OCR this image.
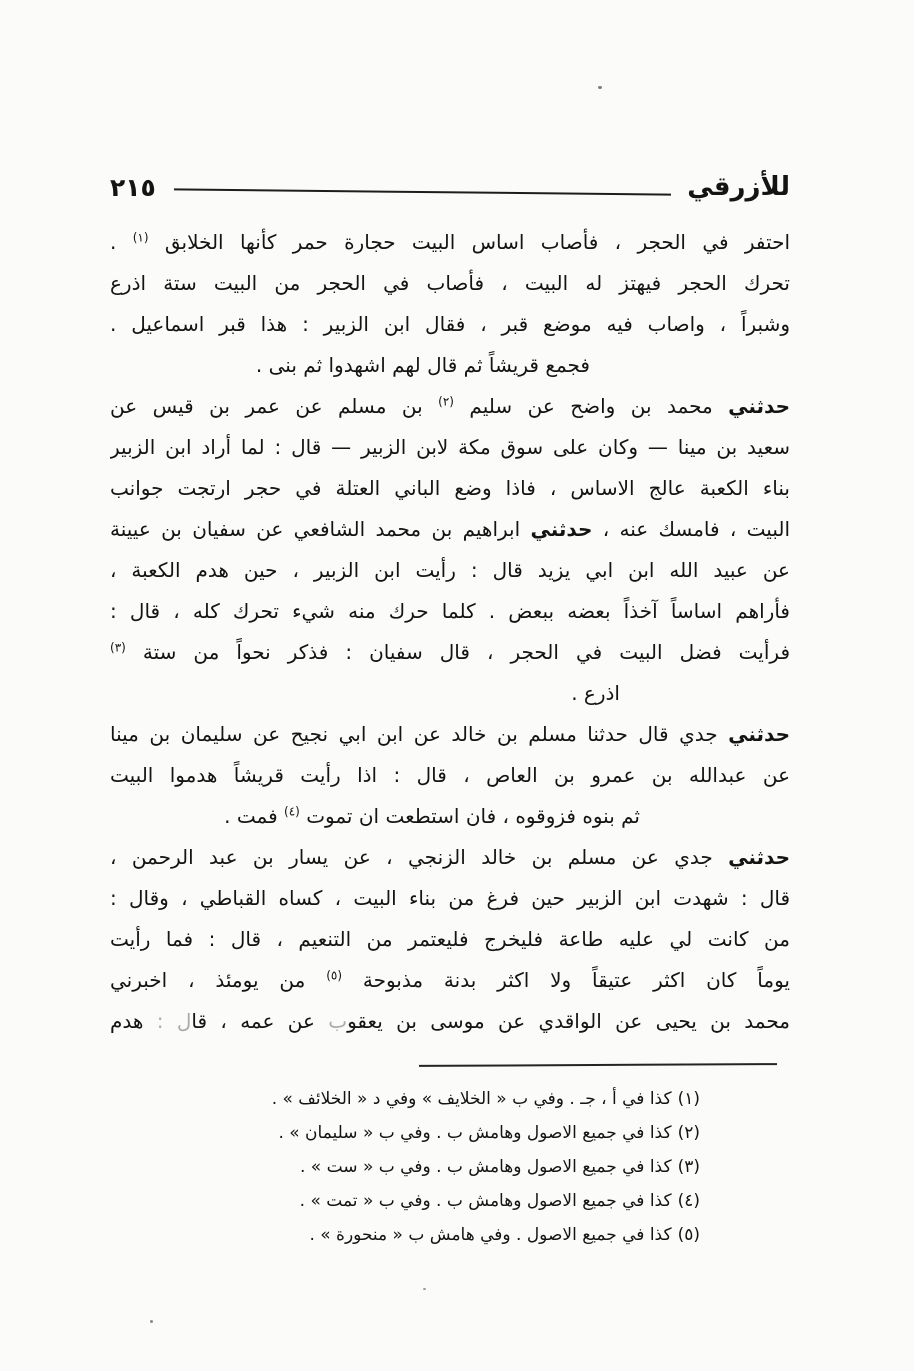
للأزرقي
٢١٥
احتفر في الحجر ، فأصاب اساس البيت حجارة حمر كأنها الخلابق $^{(١)}$ .
تحرك الحجر فيهتز له البيت ، فأصاب في الحجر من البيت ستة اذرع
وشبراً ، واصاب فيه موضع قبر ، فقال ابن الزبير : هذا قبر اسماعيل .
فجمع قريشاً ثم قال لهم اشهدوا ثم بنى .
حدثني محمد بن واضح عن سليم $^{(٢)}$ بن مسلم عن عمر بن قيس عن
سعيد بن مينا — وكان على سوق مكة لابن الزبير — قال : لما أراد ابن الزبير
بناء الكعبة عالج الاساس ، فاذا وضع الباني العتلة في حجر ارتجت جوانب
البيت ، فامسك عنه ، حدثني ابراهيم بن محمد الشافعي عن سفيان بن عيينة
عن عبيد الله ابن ابي يزيد قال : رأيت ابن الزبير ، حين هدم الكعبة ،
فأراهم اساساً آخذاً بعضه ببعض . كلما حرك منه شيء تحرك كله ، قال :
فرأيت فضل البيت في الحجر ، قال سفيان : فذكر نحواً من ستة $^{(٣)}$
اذرع .
حدثني جدي قال حدثنا مسلم بن خالد عن ابن ابي نجيح عن سليمان بن مينا
عن عبدالله بن عمرو بن العاص ، قال : اذا رأيت قريشاً هدموا البيت
ثم بنوه فزوقوه ، فان استطعت ان تموت $^{(٤)}$ فمت .
حدثني جدي عن مسلم بن خالد الزنجي ، عن يسار بن عبد الرحمن ،
قال : شهدت ابن الزبير حين فرغ من بناء البيت ، كساه القباطي ، وقال :
من كانت لي عليه طاعة فليخرج فليعتمر من التنعيم ، قال : فما رأيت
يوماً كان اكثر عتيقاً ولا اكثر بدنة مذبوحة $^{(٥)}$ من يومئذ ، اخبرني
محمد بن يحيى عن الواقدي عن موسى بن يعقوب عن عمه ، قال : هدم
(١)كذا في أ ، جـ . وفي ب « الخلايف » وفي د « الخلائف » .
(٢)كذا في جميع الاصول وهامش ب . وفي ب « سليمان » .
(٣)كذا في جميع الاصول وهامش ب . وفي ب « ست » .
(٤)كذا في جميع الاصول وهامش ب . وفي ب « تمت » .
(٥)كذا في جميع الاصول . وفي هامش ب « منحورة » .
